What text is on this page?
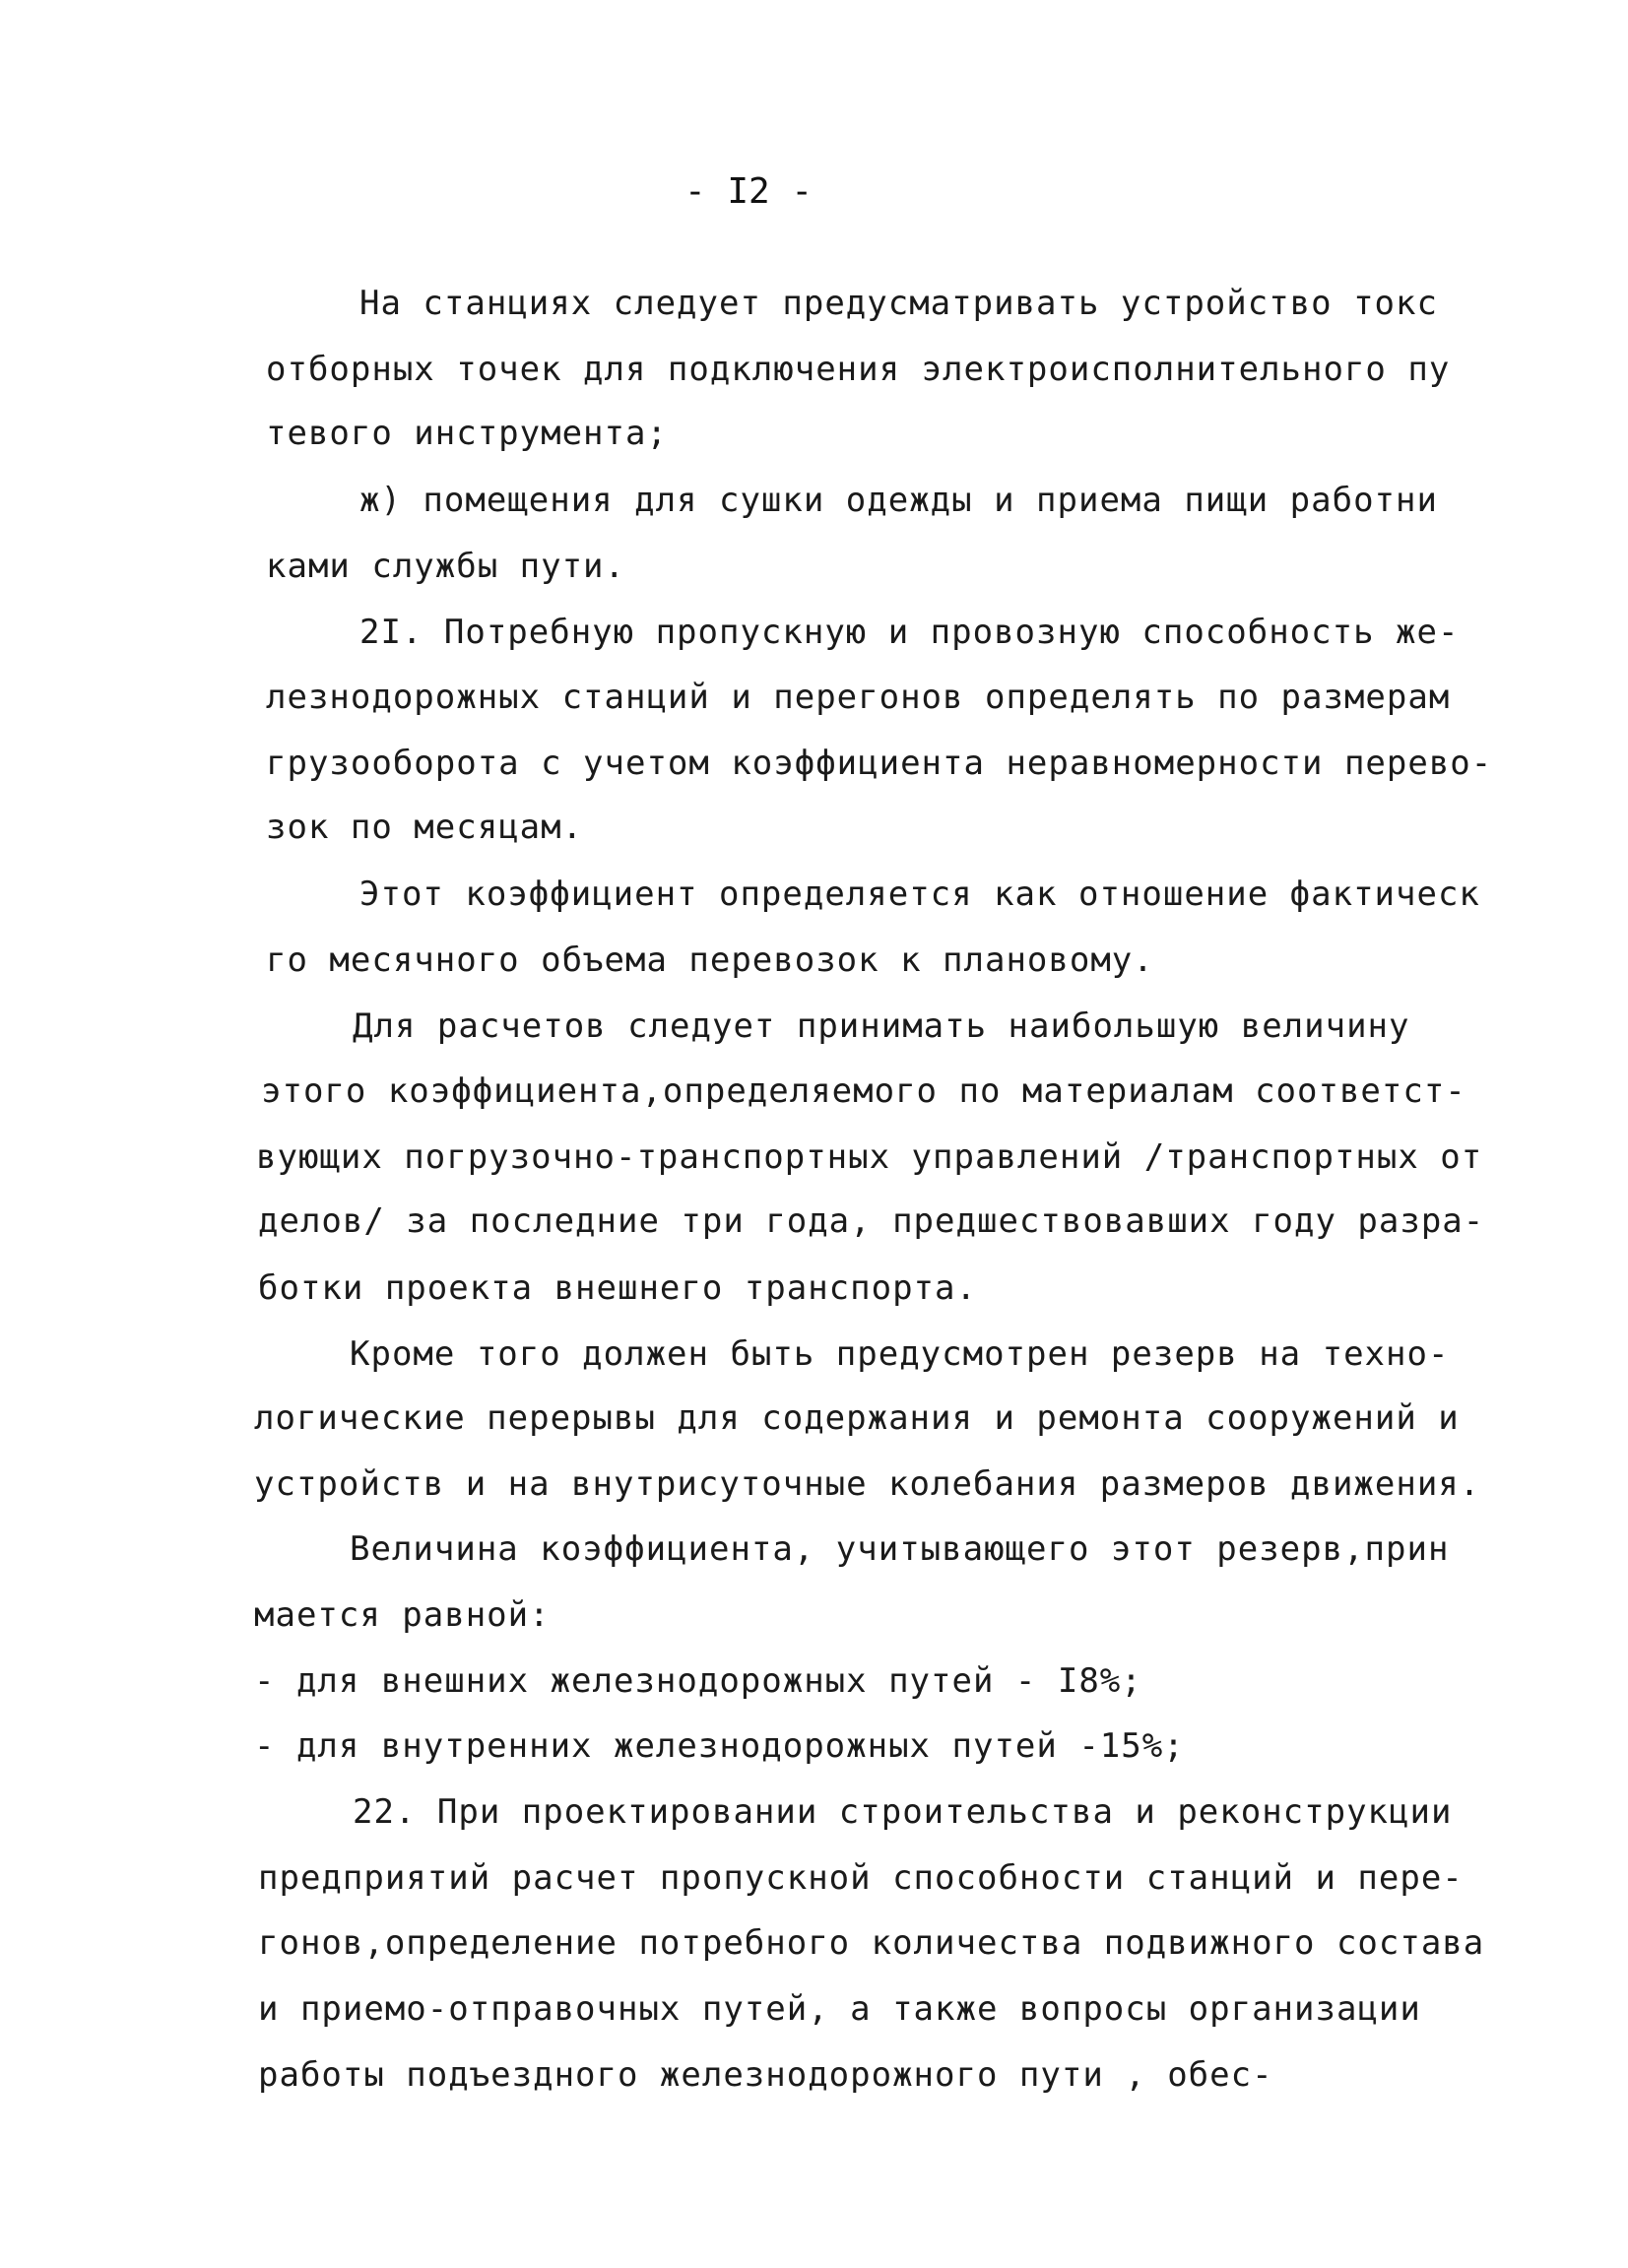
- I2 -
На станциях следует предусматривать устройство токс
отборных точек для подключения электроисполнительного пу
тевого инструмента;
ж) помещения для сушки одежды и приема пищи работни
ками службы пути.
2I. Потребную пропускную и провозную способность же-
лезнодорожных станций и перегонов определять по размерам
грузооборота с учетом коэффициента неравномерности перево-
зок по месяцам.
Этот коэффициент определяется как отношение фактическ
го месячного объема перевозок к плановому.
Для расчетов следует принимать наибольшую величину
этого коэффициента,определяемого по материалам соответст-
вующих погрузочно-транспортных управлений /транспортных от
делов/ за последние три года, предшествовавших году разра-
ботки проекта внешнего транспорта.
Кроме того должен быть предусмотрен резерв на техно-
логические перерывы для содержания и ремонта сооружений и
устройств и на внутрисуточные колебания размеров движения.
Величина коэффициента, учитывающего этот резерв,прин
мается равной:
- для внешних железнодорожных путей - I8%;
- для внутренних железнодорожных путей -15%;
22. При проектировании строительства и реконструкции
предприятий расчет пропускной способности станций и пере-
гонов,определение потребного количества подвижного состава
и приемо-отправочных путей, а также вопросы организации
работы подъездного железнодорожного пути , обес-
